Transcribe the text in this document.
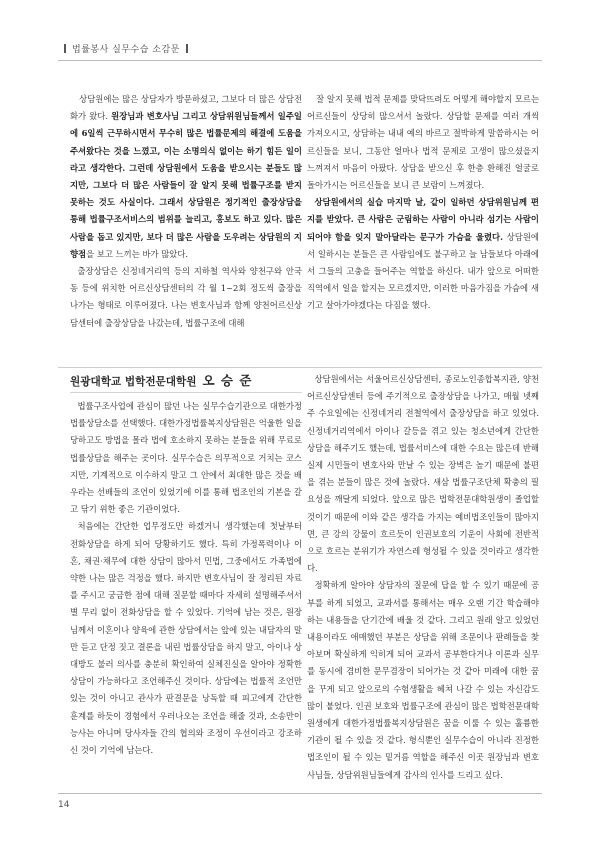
법률봉사 실무수습 소감문

상담원에는 많은 상담자가 방문하셨고, 그보다 더 많은 상담전화가 왔다. 원장님과 변호사님 그리고 상담위원님들께서 일주일에 6일씩 근무하시면서 무수히 많은 법률문제의 해결에 도움을 주셔왔다는 것을 느꼈고, 이는 소명의식 없이는 하기 힘든 일이라고 생각한다. 그런데 상담원에서 도움을 받으시는 분들도 많지만, 그보다 더 많은 사람들이 잘 알지 못해 법률구조를 받지 못하는 것도 사실이다. 그래서 상담원은 정기적인 출장상담을 통해 법률구조서비스의 범위를 늘리고, 홍보도 하고 있다. 많은 사람을 돕고 있지만, 보다 더 많은 사람을 도우려는 상담원의 지향점을 보고 느끼는 바가 많았다.

출장상담은 신정네거리역 등의 지하철 역사와 양천구와 안국동 등에 위치한 어르신상담센터의 각 월 1~2회 정도씩 출장을 나가는 형태로 이루어졌다. 나는 변호사님과 함께 양천어르신상담센터에 출장상담을 나갔는데, 법률구조에 대해

잘 알지 못해 법적 문제를 맞닥뜨려도 어떻게 해야할지 모르는 어르신들이 상당히 많으셔서 놀랐다. 상담할 문제를 여러 개씩 가져오시고, 상담하는 내내 예의 바르고 절박하게 말씀하시는 어르신들을 보니, 그동안 얼마나 법적 문제로 고생이 많으셨을지 느껴져서 마음이 아팠다. 상담을 받으신 후 한층 환해진 얼굴로 돌아가시는 어르신들을 보니 큰 보람이 느껴졌다.

상담원에서의 실습 마지막 날, 같이 일하던 상담위원님께 편지를 받았다. 큰 사람은 군림하는 사람이 아니라 섬기는 사람이 되어야 함을 잊지 말아달라는 문구가 가슴을 울렸다. 상담원에서 일하시는 분들은 큰 사람임에도 불구하고 늘 남들보다 아래에서 그들의 고충을 들어주는 역할을 하신다. 내가 앞으로 어떠한 직역에서 일을 할지는 모르겠지만, 이러한 마음가짐을 가슴에 새기고 살아가야겠다는 다짐을 했다.

원광대학교 법학전문대학원 오 승 준

법률구조사업에 관심이 많던 나는 실무수습기관으로 대한가정법률상담소를 선택했다. 대한가정법률복지상담원은 억울한 일을 당하고도 방법을 몰라 법에 호소하지 못하는 분들을 위해 무료로 법률상담을 해주는 곳이다. 실무수습은 의무적으로 거치는 코스지만, 기계적으로 이수하지 말고 그 안에서 최대한 많은 것을 배우라는 선배들의 조언이 있었기에 이를 통해 법조인의 기본을 갈고 닦기 위한 좋은 기관이었다.

처음에는 간단한 업무정도만 하겠거니 생각했는데 첫날부터 전화상담을 하게 되어 당황하기도 했다. 특히 가정폭력이나 이혼, 채권·채무에 대한 상담이 많아서 민법, 그중에서도 가족법에 약한 나는 많은 걱정을 했다. 하지만 변호사님이 잘 정리된 자료를 주시고 궁금한 점에 대해 질문할 때마다 자세히 설명해주셔서 별 무리 없이 전화상담을 할 수 있었다. 기억에 남는 것은, 원장님께서 이혼이나 양육에 관한 상담에서는 앞에 있는 내담자의 말만 듣고 단정 짓고 결론을 내린 법률상담을 하지 말고, 아이나 상대방도 불러 의사를 충분히 확인하여 실체진실을 알아야 정확한 상담이 가능하다고 조언해주신 것이다. 상담에는 법률적 조언만 있는 것이 아니고 관사가 판결문을 낭독할 때 피고에게 간단한 훈계를 하듯이 경험에서 우러나오는 조언을 해줄 것과, 소송만이 능사는 아니며 당사자들 간의 협의와 조정이 우선이라고 강조하신 것이 기억에 남는다.

상담원에서는 서울어르신상담센터, 종로노인종합복지관, 양천어르신상담센터 등에 주기적으로 출장상담을 나가고, 매월 넷째주 수요일에는 신정네거리 전철역에서 출장상담을 하고 있었다. 신정네거리역에서 아이나 갈등을 겪고 있는 청소년에게 간단한 상담을 해주기도 했는데, 법률서비스에 대한 수요는 많은데 반해 실제 시민들이 변호사와 만날 수 있는 장벽은 높기 때문에 불편을 겪는 분들이 많은 것에 놀랐다. 새삼 법률구조단체 확충의 필요성을 깨달게 되었다. 앞으로 많은 법학전문대학원생이 졸업할 것이기 때문에 이와 같은 생각을 가지는 예비법조인들이 많아지면, 큰 강의 강물이 흐르듯이 인권보호의 기운이 사회에 전반적으로 흐르는 분위기가 자연스레 형성될 수 있을 것이라고 생각한다.

정확하게 알아야 상담자의 질문에 답을 할 수 있기 때문에 공부를 하게 되었고, 교과서를 통해서는 매우 오랜 기간 학습해야 하는 내용들을 단기간에 배울 것 같다. 그리고 원래 알고 있었던 내용이라도 애매했던 부분은 상담을 위해 조문이나 판례들을 찾아보며 확실하게 익히게 되어 교과서 공부한다거나 이론과 실무를 동시에 겸비한 문무겸장이 되어가는 것 같아 미래에 대한 꿈을 꾸게 되고 앞으로의 수험생활을 헤쳐 나갈 수 있는 자신감도 많이 붙었다. 인권 보호와 법률구조에 관심이 많은 법학전문대학원생에게 대한가정법률복지상담원은 꿈을 이룰 수 있는 훌륭한 기관이 될 수 있을 것 같다. 형식뿐인 실무수습이 아니라 진정한 법조인이 될 수 있는 밑거름 역할을 해주신 이곳 원장님과 변호사님들, 상담위원님들에게 감사의 인사를 드리고 싶다.

14
